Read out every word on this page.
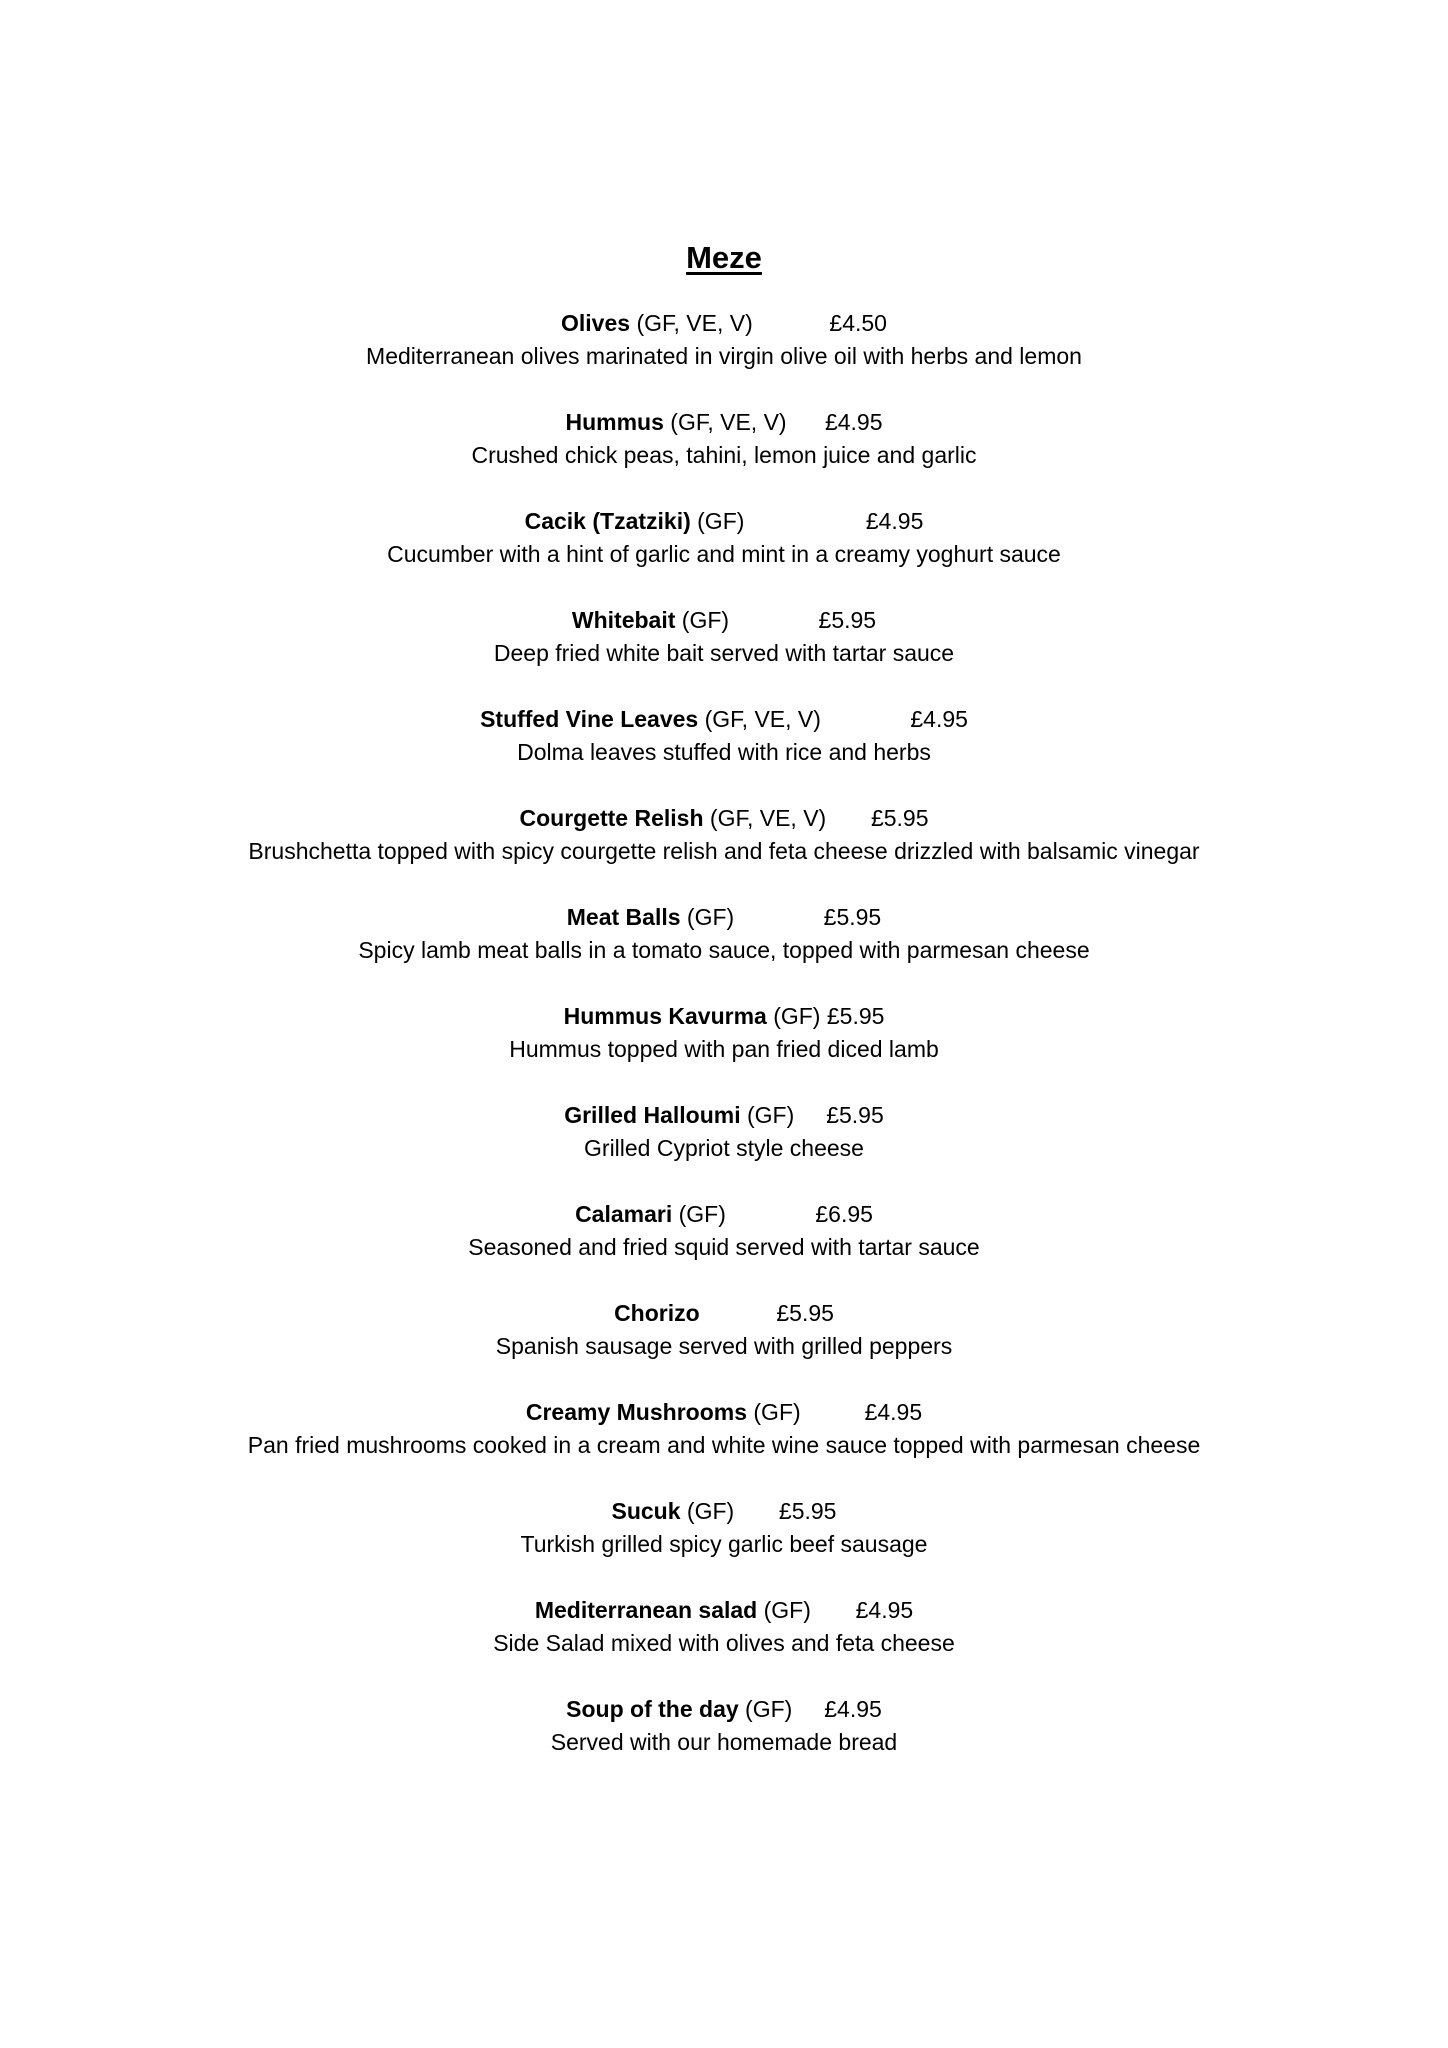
Meze
Olives (GF, VE, V)	£4.50
Mediterranean olives marinated in virgin olive oil with herbs and lemon
Hummus (GF, VE, V) £4.95
Crushed chick peas, tahini, lemon juice and garlic
Cacik (Tzatziki) (GF)	£4.95
Cucumber with a hint of garlic and mint in a creamy yoghurt sauce
Whitebait (GF)	£5.95
Deep fried white bait served with tartar sauce
Stuffed Vine Leaves (GF, VE, V)	£4.95
Dolma leaves stuffed with rice and herbs
Courgette Relish (GF, VE, V) £5.95
Brushchetta topped with spicy courgette relish and feta cheese drizzled with balsamic vinegar
Meat Balls (GF)	£5.95
Spicy lamb meat balls in a tomato sauce, topped with parmesan cheese
Hummus Kavurma (GF) £5.95
Hummus topped with pan fried diced lamb
Grilled Halloumi (GF) £5.95
Grilled Cypriot style cheese
Calamari (GF)	£6.95
Seasoned and fried squid served with tartar sauce
Chorizo	£5.95
Spanish sausage served with grilled peppers
Creamy Mushrooms (GF)	£4.95
Pan fried mushrooms cooked in a cream and white wine sauce topped with parmesan cheese
Sucuk (GF) £5.95
Turkish grilled spicy garlic beef sausage
Mediterranean salad (GF) £4.95
Side Salad mixed with olives and feta cheese
Soup of the day (GF) £4.95
Served with our homemade bread
